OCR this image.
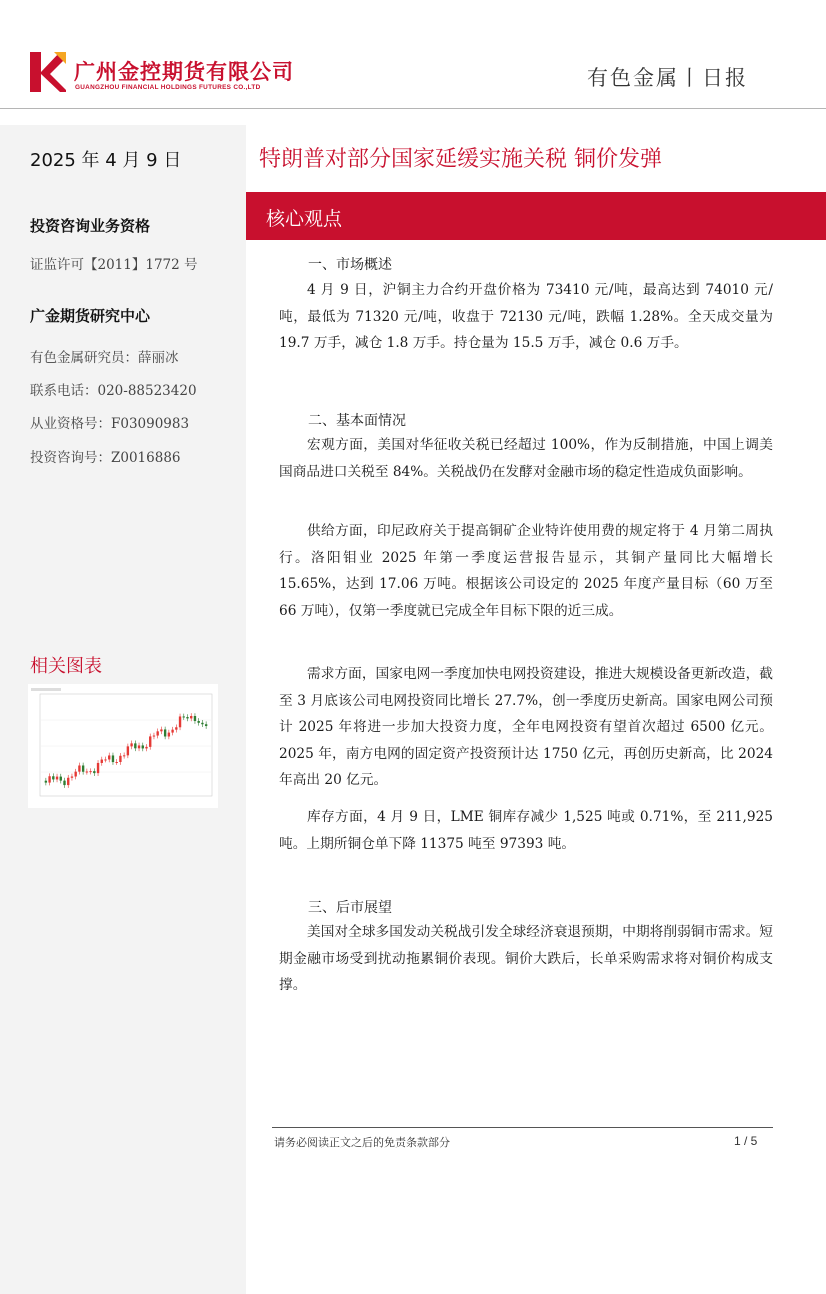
广州金控期货有限公司
GUANGZHOU FINANCIAL HOLDINGS FUTURES CO.,LTD	有色金属丨日报
2025 年 4 月 9 日
投资咨询业务资格
证监许可【2011】1772 号
广金期货研究中心
有色金属研究员：薛丽冰
联系电话：020-88523420
从业资格号：F03090983
投资咨询号：Z0016886
相关图表
特朗普对部分国家延缓实施关税 铜价发弹
核心观点
一、市场概述

4 月 9 日，沪铜主力合约开盘价格为 73410 元/吨，最高达到 74010 元/吨，最低为 71320 元/吨，收盘于 72130 元/吨，跌幅 1.28%。全天成交量为 19.7 万手，减仓 1.8 万手。持仓量为 15.5 万手，减仓 0.6 万手。

二、基本面情况

宏观方面，美国对华征收关税已经超过 100%，作为反制措施，中国上调美国商品进口关税至 84%。关税战仍在发酵对金融市场的稳定性造成负面影响。

供给方面，印尼政府关于提高铜矿企业特许使用费的规定将于 4 月第二周执行。洛阳钼业 2025 年第一季度运营报告显示，其铜产量同比大幅增长 15.65%，达到 17.06 万吨。根据该公司设定的 2025 年度产量目标（60 万至 66 万吨），仅第一季度就已完成全年目标下限的近三成。

需求方面，国家电网一季度加快电网投资建设，推进大规模设备更新改造，截至 3 月底该公司电网投资同比增长 27.7%，创一季度历史新高。国家电网公司预计 2025 年将进一步加大投资力度，全年电网投资有望首次超过 6500 亿元。2025 年，南方电网的固定资产投资预计达 1750 亿元，再创历史新高，比 2024 年高出 20 亿元。

库存方面，4 月 9 日，LME 铜库存减少 1,525 吨或 0.71%，至 211,925 吨。上期所铜仓单下降 11375 吨至 97393 吨。

三、后市展望

美国对全球多国发动关税战引发全球经济衰退预期，中期将削弱铜市需求。短期金融市场受到扰动拖累铜价表现。铜价大跌后，长单采购需求将对铜价构成支撑。

请务必阅读正文之后的免责条款部分	1 / 5
